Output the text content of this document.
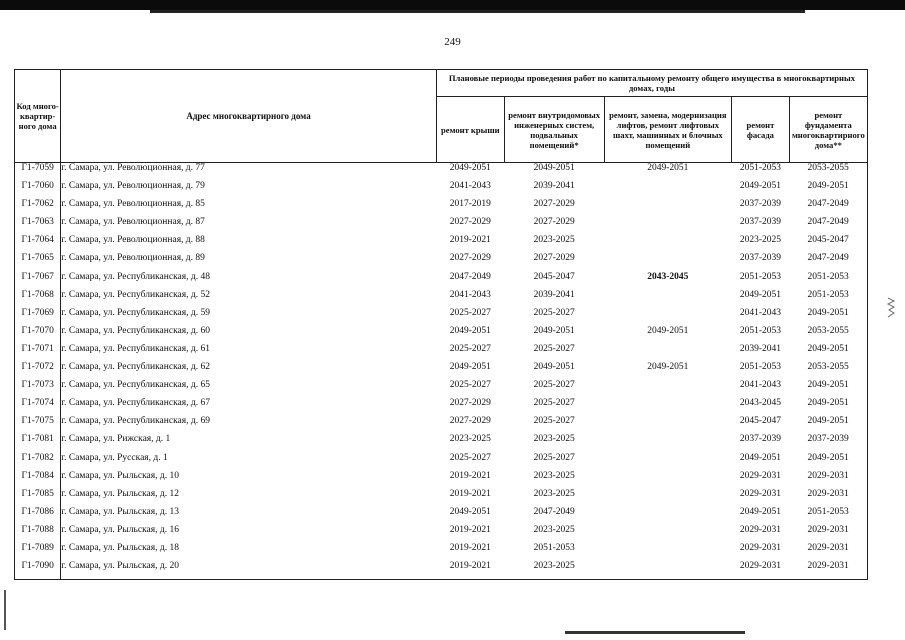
249
Код много-квартир-ного дома	Адрес многоквартирного дома	Плановые периоды проведения работ по капитальному ремонту общего имущества в многоквартирных домах, годы				
		ремонт крыши	ремонт внутридомовых инженерных систем, подвальных помещений*	ремонт, замена, модернизация лифтов, ремонт лифтовых шахт, машинных и блочных помещений	ремонт фасада	ремонт фундамента многоквартирного дома**
Г1-7059	г. Самара, ул. Революционная, д. 77	2049-2051	2049-2051	2049-2051	2051-2053	2053-2055
Г1-7060	г. Самара, ул. Революционная, д. 79	2041-2043	2039-2041		2049-2051	2049-2051
Г1-7062	г. Самара, ул. Революционная, д. 85	2017-2019	2027-2029		2037-2039	2047-2049
Г1-7063	г. Самара, ул. Революционная, д. 87	2027-2029	2027-2029		2037-2039	2047-2049
Г1-7064	г. Самара, ул. Революционная, д. 88	2019-2021	2023-2025		2023-2025	2045-2047
Г1-7065	г. Самара, ул. Революционная, д. 89	2027-2029	2027-2029		2037-2039	2047-2049
Г1-7067	г. Самара, ул. Республиканская, д. 48	2047-2049	2045-2047	2043-2045	2051-2053	2051-2053
Г1-7068	г. Самара, ул. Республиканская, д. 52	2041-2043	2039-2041		2049-2051	2051-2053
Г1-7069	г. Самара, ул. Республиканская, д. 59	2025-2027	2025-2027		2041-2043	2049-2051
Г1-7070	г. Самара, ул. Республиканская, д. 60	2049-2051	2049-2051	2049-2051	2051-2053	2053-2055
Г1-7071	г. Самара, ул. Республиканская, д. 61	2025-2027	2025-2027		2039-2041	2049-2051
Г1-7072	г. Самара, ул. Республиканская, д. 62	2049-2051	2049-2051	2049-2051	2051-2053	2053-2055
Г1-7073	г. Самара, ул. Республиканская, д. 65	2025-2027	2025-2027		2041-2043	2049-2051
Г1-7074	г. Самара, ул. Республиканская, д. 67	2027-2029	2025-2027		2043-2045	2049-2051
Г1-7075	г. Самара, ул. Республиканская, д. 69	2027-2029	2025-2027		2045-2047	2049-2051
Г1-7081	г. Самара, ул. Рижская, д. 1	2023-2025	2023-2025		2037-2039	2037-2039
Г1-7082	г. Самара, ул. Русская, д. 1	2025-2027	2025-2027		2049-2051	2049-2051
Г1-7084	г. Самара, ул. Рыльская, д. 10	2019-2021	2023-2025		2029-2031	2029-2031
Г1-7085	г. Самара, ул. Рыльская, д. 12	2019-2021	2023-2025		2029-2031	2029-2031
Г1-7086	г. Самара, ул. Рыльская, д. 13	2049-2051	2047-2049		2049-2051	2051-2053
Г1-7088	г. Самара, ул. Рыльская, д. 16	2019-2021	2023-2025		2029-2031	2029-2031
Г1-7089	г. Самара, ул. Рыльская, д. 18	2019-2021	2051-2053		2029-2031	2029-2031
Г1-7090	г. Самара, ул. Рыльская, д. 20	2019-2021	2023-2025		2029-2031	2029-2031
